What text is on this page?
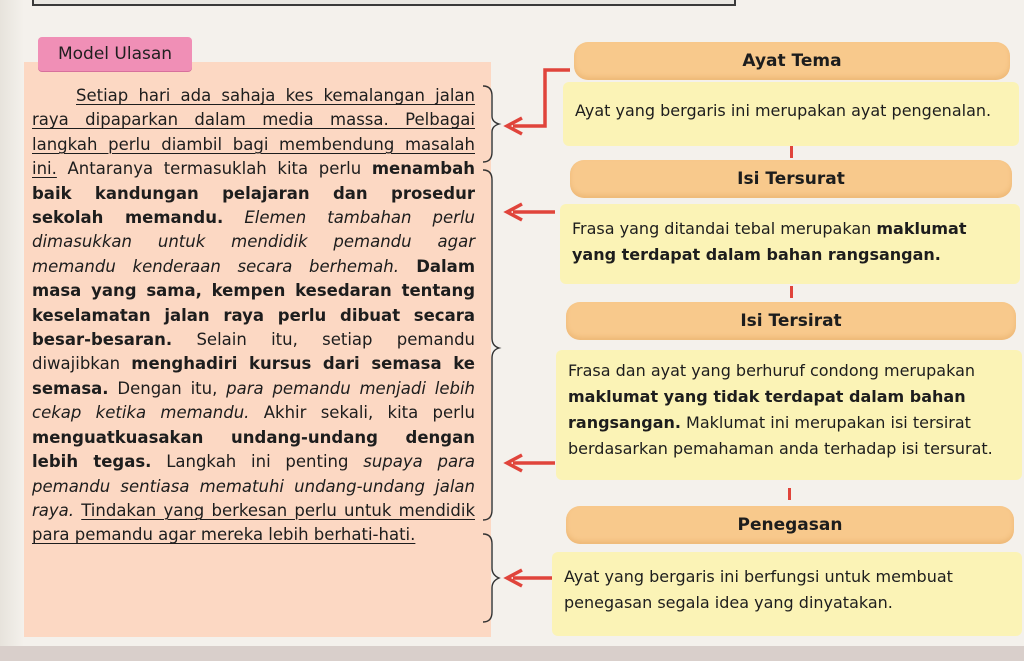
Model Ulasan

Setiap hari ada sahaja kes kemalangan jalan raya dipaparkan dalam media massa. Pelbagai langkah perlu diambil bagi membendung masalah ini. Antaranya termasuklah kita perlu menambah baik kandungan pelajaran dan prosedur sekolah memandu. Elemen tambahan perlu dimasukkan untuk mendidik pemandu agar memandu kenderaan secara berhemah. Dalam masa yang sama, kempen kesedaran tentang keselamatan jalan raya perlu dibuat secara besar-besaran. Selain itu, setiap pemandu diwajibkan menghadiri kursus dari semasa ke semasa. Dengan itu, para pemandu menjadi lebih cekap ketika memandu. Akhir sekali, kita perlu menguatkuasakan undang-undang dengan lebih tegas. Langkah ini penting supaya para pemandu sentiasa mematuhi undang-undang jalan raya. Tindakan yang berkesan perlu untuk mendidik para pemandu agar mereka lebih berhati-hati.

Ayat Tema
Ayat yang bergaris ini merupakan ayat pengenalan.
Isi Tersurat
Frasa yang ditandai tebal merupakan maklumat yang terdapat dalam bahan rangsangan.
Isi Tersirat
Frasa dan ayat yang berhuruf condong merupakan maklumat yang tidak terdapat dalam bahan rangsangan. Maklumat ini merupakan isi tersirat berdasarkan pemahaman anda terhadap isi tersurat.
Penegasan
Ayat yang bergaris ini berfungsi untuk membuat penegasan segala idea yang dinyatakan.
